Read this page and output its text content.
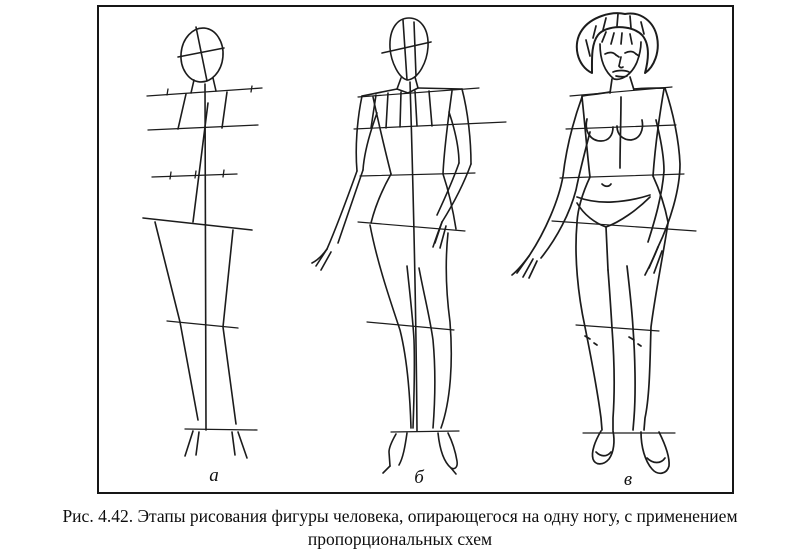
а	б	в
Рис. 4.42. Этапы рисования фигуры человека, опирающегося на одну ногу, с применением
пропорциональных схем
